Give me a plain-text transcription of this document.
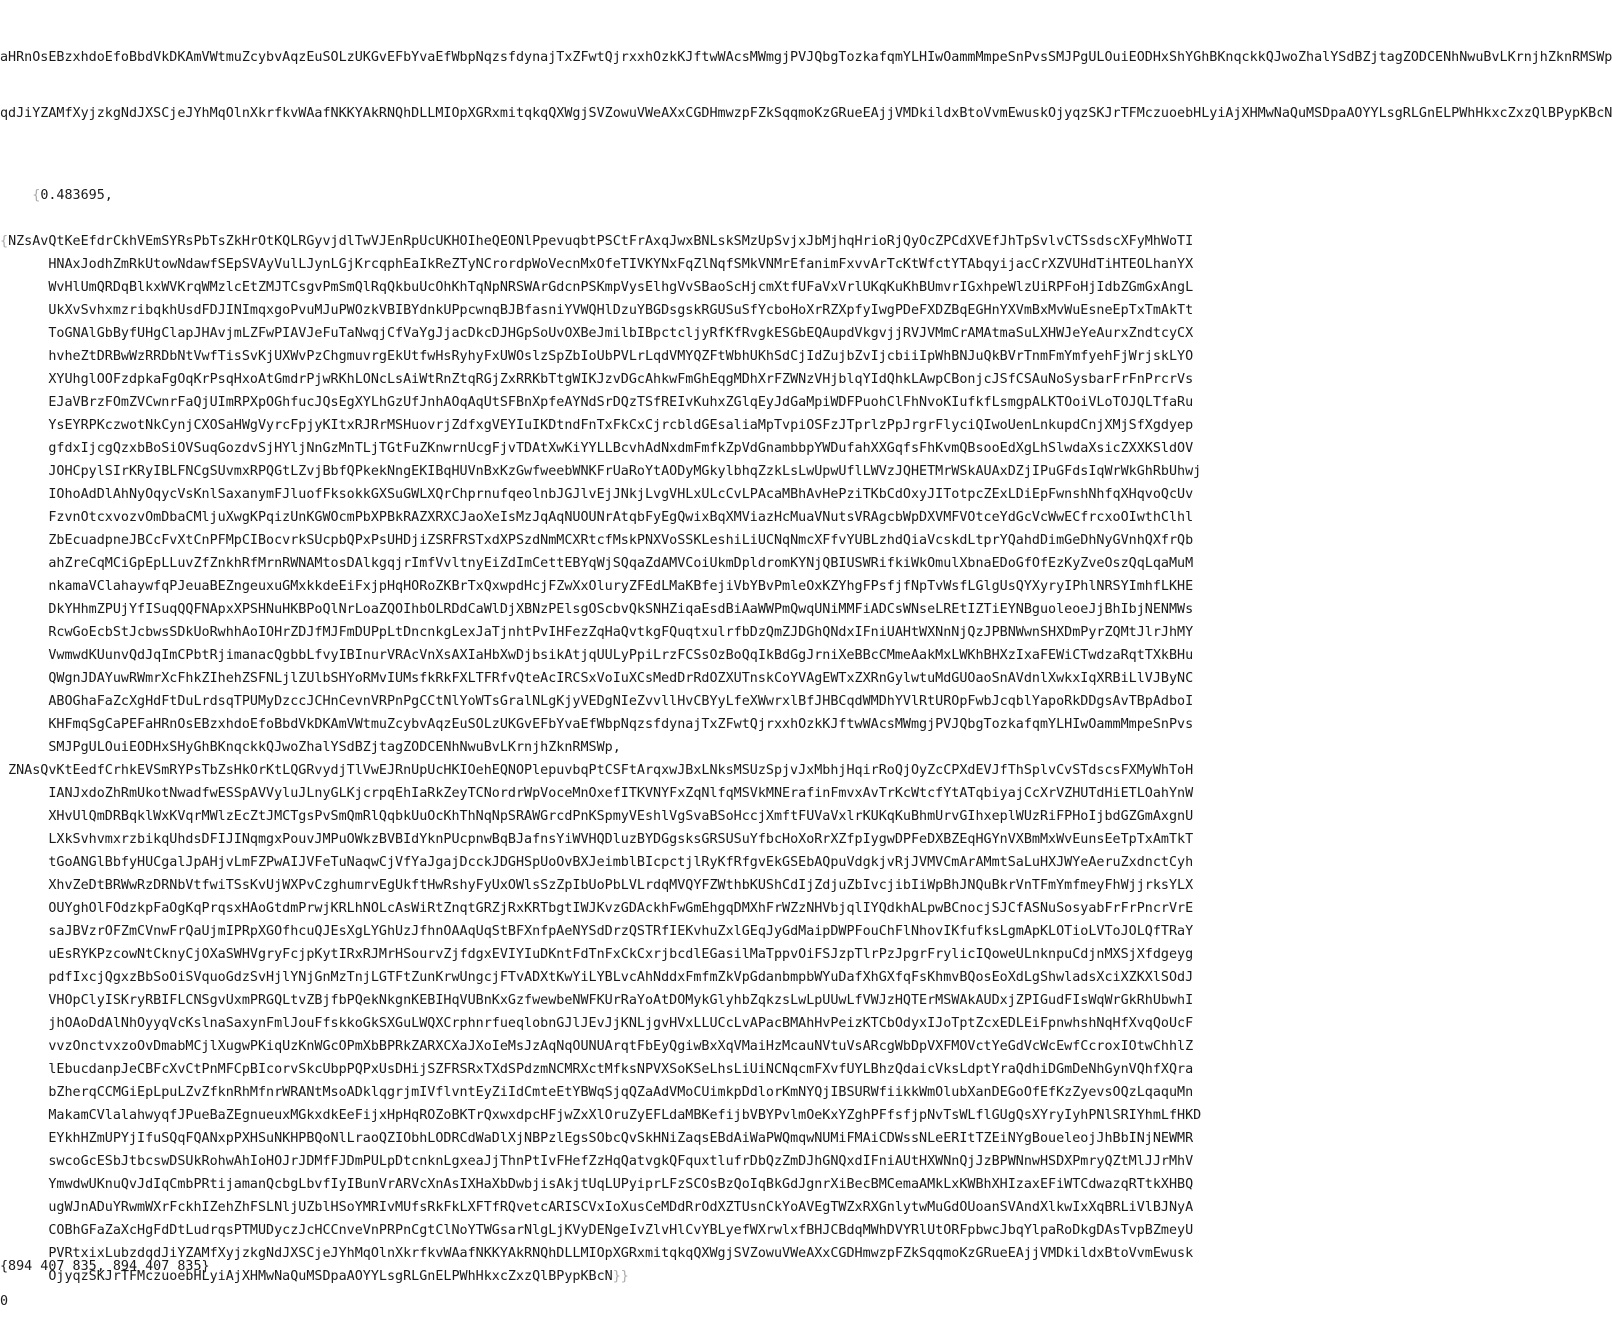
aHRnOsEBzxhdoEfoBbdVkDKAmVWtmuZcybvAqzEuSOLzUKGvEFbYvaEfWbpNqzsfdynajTxZFwtQjrxxhOzkKJftwWAcsMWmgjPVJQbgTozkafqmYLHIwOammMmpeSnPvsSMJPgULOuiEODHxShYGhBKnqckkQJwoZhalYSdBZjtagZODCENhNwuBvLKrnjhZknRMSWp

qdJiYZAMfXyjzkgNdJXSCjeJYhMqOlnXkrfkvWAafNKKYAkRNQhDLLMIOpXGRxmitqkqQXWgjSVZowuVWeAXxCGDHmwzpFZkSqqmoKzGRueEAjjVMDkildxBtoVvmEwuskOjyqzSKJrTFMczuoebHLyiAjXHMwNaQuMSDpaAOYYLsgRLGnELPWhHkxcZxzQlBPypKBcN

{0.483695,

{NZsAvQtKeEfdrCkhVEmSYRsPbTsZkHrOtKQLRGyvjdlTwVJEnRpUcUKHOIheQEONlPpevuqbtPSCtFrAxqJwxBNLskSMzUpSvjxJbMjhqHrioRjQyOcZPCdXVEfJhTpSvlvCTSsdscXFyMhWoTI
HNAxJodhZmRkUtowNdawfSEpSVAyVulLJynLGjKrcqphEaIkReZTyNCrordpWoVecnMxOfeTIVKYNxFqZlNqfSMkVNMrEfanimFxvvArTcKtWfctYTAbqyijacCrXZVUHdTiHTEOLhanYX
WvHlUmQRDqBlkxWVKrqWMzlcEtZMJTCsgvPmSmQlRqQkbuUcOhKhTqNpNRSWArGdcnPSKmpVysElhgVvSBaoScHjcmXtfUFaVxVrlUKqKuKhBUmvrIGxhpeWlzUiRPFoHjIdbZGmGxAngL
UkXvSvhxmzribqkhUsdFDJINImqxgoPvuMJuPWOzkVBIBYdnkUPpcwnqBJBfasniYVWQHlDzuYBGDsgskRGUSuSfYcboHoXrRZXpfyIwgPDeFXDZBqEGHnYXVmBxMvWuEsneEpTxTmAkTt
ToGNAlGbByfUHgClapJHAvjmLZFwPIAVJeFuTaNwqjCfVaYgJjacDkcDJHGpSoUvOXBeJmilbIBpctcljyRfKfRvgkESGbEQAupdVkgvjjRVJVMmCrAMAtmaSuLXHWJeYeAurxZndtcyCX
hvheZtDRBwWzRRDbNtVwfTisSvKjUXWvPzChgmuvrgEkUtfwHsRyhyFxUWOslzSpZbIoUbPVLrLqdVMYQZFtWbhUKhSdCjIdZujbZvIjcbiiIpWhBNJuQkBVrTnmFmYmfyehFjWrjskLYO
XYUhglOOFzdpkaFgOqKrPsqHxoAtGmdrPjwRKhLONcLsAiWtRnZtqRGjZxRRKbTtgWIKJzvDGcAhkwFmGhEqgMDhXrFZWNzVHjblqYIdQhkLAwpCBonjcJSfCSAuNoSysbarFrFnPrcrVs
EJaVBrzFOmZVCwnrFaQjUImRPXpOGhfucJQsEgXYLhGzUfJnhAOqAqUtSFBnXpfeAYNdSrDQzTSfREIvKuhxZGlqEyJdGaMpiWDFPuohClFhNvoKIufkfLsmgpALKTOoiVLoTOJQLTfaRu
YsEYRPKczwotNkCynjCXOSaHWgVyrcFpjyKItxRJRrMSHuovrjZdfxgVEYIuIKDtndFnTxFkCxCjrcbldGEsaliaMpTvpiOSFzJTprlzPpJrgrFlyciQIwoUenLnkupdCnjXMjSfXgdyep
gfdxIjcgQzxbBoSiOVSuqGozdvSjHYljNnGzMnTLjTGtFuZKnwrnUcgFjvTDAtXwKiYYLLBcvhAdNxdmFmfkZpVdGnambbpYWDufahXXGqfsFhKvmQBsooEdXgLhSlwdaXsicZXXKSldOV
JOHCpylSIrKRyIBLFNCgSUvmxRPQGtLZvjBbfQPkekNngEKIBqHUVnBxKzGwfweebWNKFrUaRoYtAODyMGkylbhqZzkLsLwUpwUflLWVzJQHETMrWSkAUAxDZjIPuGFdsIqWrWkGhRbUhwj
IOhoAdDlAhNyOqycVsKnlSaxanymFJluofFksokkGXSuGWLXQrChprnufqeolnbJGJlvEjJNkjLvgVHLxULcCvLPAcaMBhAvHePziTKbCdOxyJITotpcZExLDiEpFwnshNhfqXHqvoQcUv
FzvnOtcxvozvOmDbaCMljuXwgKPqizUnKGWOcmPbXPBkRAZXRXCJaoXeIsMzJqAqNUOUNrAtqbFyEgQwixBqXMViazHcMuaVNutsVRAgcbWpDXVMFVOtceYdGcVcWwECfrcxoOIwthClhl
ZbEcuadpneJBCcFvXtCnPFMpCIBocvrkSUcpbQPxPsUHDjiZSRFRSTxdXPSzdNmMCXRtcfMskPNXVoSSKLeshiLiUCNqNmcXFfvYUBLzhdQiaVcskdLtprYQahdDimGeDhNyGVnhQXfrQb
ahZreCqMCiGpEpLLuvZfZnkhRfMrnRWNAMtosDAlkgqjrImfVvltnyEiZdImCettEBYqWjSQqaZdAMVCoiUkmDpldromKYNjQBIUSWRifkiWkOmulXbnaEDoGfOfEzKyZveOszQqLqaMuM
nkamaVClahaywfqPJeuaBEZngeuxuGMxkkdeEiFxjpHqHORoZKBrTxQxwpdHcjFZwXxOluryZFEdLMaKBfejiVbYBvPmleOxKZYhgFPsfjfNpTvWsfLGlgUsQYXyryIPhlNRSYImhfLKHE
DkYHhmZPUjYfISuqQQFNApxXPSHNuHKBPoQlNrLoaZQOIhbOLRDdCaWlDjXBNzPElsgOScbvQkSNHZiqaEsdBiAaWWPmQwqUNiMMFiADCsWNseLREtIZTiEYNBguoleoeJjBhIbjNENMWs
RcwGoEcbStJcbwsSDkUoRwhhAoIOHrZDJfMJFmDUPpLtDncnkgLexJaTjnhtPvIHFezZqHaQvtkgFQuqtxulrfbDzQmZJDGhQNdxIFniUAHtWXNnNjQzJPBNWwnSHXDmPyrZQMtJlrJhMY
VwmwdKUunvQdJqImCPbtRjimanacQgbbLfvyIBInurVRAcVnXsAXIaHbXwDjbsikAtjqUULyPpiLrzFCSsOzBoQqIkBdGgJrniXeBBcCMmeAakMxLWKhBHXzIxaFEWiCTwdzaRqtTXkBHu
QWgnJDAYuwRWmrXcFhkZIhehZSFNLjlZUlbSHYoRMvIUMsfkRkFXLTFRfvQteAcIRCSxVoIuXCsMedDrRdOZXUTnskCoYVAgEWTxZXRnGylwtuMdGUOaoSnAVdnlXwkxIqXRBiLlVJByNC
ABOGhaFaZcXgHdFtDuLrdsqTPUMyDzccJCHnCevnVRPnPgCCtNlYoWTsGralNLgKjyVEDgNIeZvvllHvCBYyLfeXWwrxlBfJHBCqdWMDhYVlRtUROpFwbJcqblYapoRkDDgsAvTBpAdboI
KHFmqSgCaPEFaHRnOsEBzxhdoEfoBbdVkDKAmVWtmuZcybvAqzEuSOLzUKGvEFbYvaEfWbpNqzsfdynajTxZFwtQjrxxhOzkKJftwWAcsMWmgjPVJQbgTozkafqmYLHIwOammMmpeSnPvs
SMJPgULOuiEODHxSHyGhBKnqckkQJwoZhalYSdBZjtagZODCENhNwuBvLKrnjhZknRMSWp,
ZNAsQvKtEedfCrhkEVSmRYPsTbZsHkOrKtLQGRvydjTlVwEJRnUpUcHKIOehEQNOPlepuvbqPtCSFtArqxwJBxLNksMSUzSpjvJxMbhjHqirRoQjOyZcCPXdEVJfThSplvCvSTdscsFXMyWhToH
IANJxdoZhRmUkotNwadfwESSpAVVyluJLnyGLKjcrpqEhIaRkZeyTCNordrWpVoceMnOxefITKVNYFxZqNlfqMSVkMNErafinFmvxAvTrKcWtcfYtATqbiyajCcXrVZHUTdHiETLOahYnW
XHvUlQmDRBqklWxKVqrMWlzEcZtJMCTgsPvSmQmRlQqbkUuOcKhThNqNpSRAWGrcdPnKSpmyVEshlVgSvaBSoHccjXmftFUVaVxlrKUKqKuBhmUrvGIhxeplWUzRiFPHoIjbdGZGmAxgnU
LXkSvhvmxrzbikqUhdsDFIJINqmgxPouvJMPuOWkzBVBIdYknPUcpnwBqBJafnsYiWVHQDluzBYDGgsksGRSUSuYfbcHoXoRrXZfpIygwDPFeDXBZEqHGYnVXBmMxWvEunsEeTpTxAmTkT
tGoANGlBbfyHUCgalJpAHjvLmFZPwAIJVFeTuNaqwCjVfYaJgajDcckJDGHSpUoOvBXJeimblBIcpctjlRyKfRfgvEkGSEbAQpuVdgkjvRjJVMVCmArAMmtSaLuHXJWYeAeruZxdnctCyh
XhvZeDtBRWwRzDRNbVtfwiTSsKvUjWXPvCzghumrvEgUkftHwRshyFyUxOWlsSzZpIbUoPbLVLrdqMVQYFZWthbKUShCdIjZdjuZbIvcjibIiWpBhJNQuBkrVnTFmYmfmeyFhWjjrksYLX
OUYghOlFOdzkpFaOgKqPrqsxHAoGtdmPrwjKRLhNOLcAsWiRtZnqtGRZjRxKRTbgtIWJKvzGDAckhFwGmEhgqDMXhFrWZzNHVbjqlIYQdkhALpwBCnocjSJCfASNuSosyabFrFrPncrVrE
saJBVzrOFZmCVnwFrQaUjmIPRpXGOfhcuQJEsXgLYGhUzJfhnOAAqUqStBFXnfpAeNYSdDrzQSTRfIEKvhuZxlGEqJyGdMaipDWPFouChFlNhovIKfufksLgmApKLOTioLVToJOLQfTRaY
uEsRYKPzcowNtCknyCjOXaSWHVgryFcjpKytIRxRJMrHSourvZjfdgxEVIYIuDKntFdTnFxCkCxrjbcdlEGasilMaTppvOiFSJzpTlrPzJpgrFrylicIQoweULnknpuCdjnMXSjXfdgeyg
pdfIxcjQgxzBbSoOiSVquoGdzSvHjlYNjGnMzTnjLGTFtZunKrwUngcjFTvADXtKwYiLYBLvcAhNddxFmfmZkVpGdanbmpbWYuDafXhGXfqFsKhmvBQosEoXdLgShwladsXciXZKXlSOdJ
VHOpClyISKryRBIFLCNSgvUxmPRGQLtvZBjfbPQekNkgnKEBIHqVUBnKxGzfwewbeNWFKUrRaYoAtDOMykGlyhbZqkzsLwLpUUwLfVWJzHQTErMSWAkAUDxjZPIGudFIsWqWrGkRhUbwhI
jhOAoDdAlNhOyyqVcKslnaSaxynFmlJouFfskkoGkSXGuLWQXCrphnrfueqlobnGJlJEvJjKNLjgvHVxLLUCcLvAPacBMAhHvPeizKTCbOdyxIJoTptZcxEDLEiFpnwhshNqHfXvqQoUcF
vvzOnctvxzoOvDmabMCjlXugwPKiqUzKnWGcOPmXbBPRkZARXCXaJXoIeMsJzAqNqOUNUArqtFbEyQgiwBxXqVMaiHzMcauNVtuVsARcgWbDpVXFMOVctYeGdVcWcEwfCcroxIOtwChhlZ
lEbucdanpJeCBFcXvCtPnMFCpBIcorvSkcUbpPQPxUsDHijSZFRSRxTXdSPdzmNCMRXctMfksNPVXSoKSeLhsLiUiNCNqcmFXvfUYLBhzQdaicVksLdptYraQdhiDGmDeNhGynVQhfXQra
bZherqCCMGiEpLpuLZvZfknRhMfnrWRANtMsoADklqgrjmIVflvntEyZiIdCmteEtYBWqSjqQZaAdVMoCUimkpDdlorKmNYQjIBSURWfiikkWmOlubXanDEGoOfEfKzZyevsOQzLqaquMn
MakamCVlalahwyqfJPueBaZEgnueuxMGkxdkEeFijxHpHqROZoBKTrQxwxdpcHFjwZxXlOruZyEFLdaMBKefijbVBYPvlmOeKxYZghPFfsfjpNvTsWLflGUgQsXYryIyhPNlSRIYhmLfHKD
EYkhHZmUPYjIfuSQqFQANxpPXHSuNKHPBQoNlLraoQZIObhLODRCdWaDlXjNBPzlEgsSObcQvSkHNiZaqsEBdAiWaPWQmqwNUMiFMAiCDWssNLeERItTZEiNYgBoueleojJhBbINjNEWMR
swcoGcESbJtbcswDSUkRohwAhIoHOJrJDMfFJDmPULpDtcnknLgxeaJjThnPtIvFHefZzHqQatvgkQFquxtlufrDbQzZmDJhGNQxdIFniAUtHXWNnQjJzBPWNnwHSDXPmryQZtMlJJrMhV
YmwdwUKnuQvJdIqCmbPRtijamanQcbgLbvfIyIBunVrARVcXnAsIXHaXbDwbjisAkjtUqLUPyiprLFzSCOsBzQoIqBkGdJgnrXiBecBMCemaAMkLxKWBhXHIzaxEFiWTCdwazqRTtkXHBQ
ugWJnADuYRwmWXrFckhIZehZhFSLNljUZblHSoYMRIvMUfsRkFkLXFTfRQvetcARISCVxIoXusCeMDdRrOdXZTUsnCkYoAVEgTWZxRXGnlytwMuGdOUoanSVAndXlkwIxXqBRLiVlBJNyA
COBhGFaZaXcHgFdDtLudrqsPTMUDyczJcHCCnveVnPRPnCgtClNoYTWGsarNlgLjKVyDENgeIvZlvHlCvYBLyefWXrwlxfBHJCBdqMWhDVYRlUtORFpbwcJbqYlpaRoDkgDAsTvpBZmeyU
PVRtxixLubzdqdJiYZAMfXyjzkgNdJXSCjeJYhMqOlnXkrfkvWAafNKKYAkRNQhDLLMIOpXGRxmitqkqQXWgjSVZowuVWeAXxCGDHmwzpFZkSqqmoKzGRueEAjjVMDkildxBtoVvmEwusk
OjyqzSKJrTFMczuoebHLyiAjXHMwNaQuMSDpaAOYYLsgRLGnELPWhHkxcZxzQlBPypKBcN}}

{894 407 835, 894 407 835}

0
